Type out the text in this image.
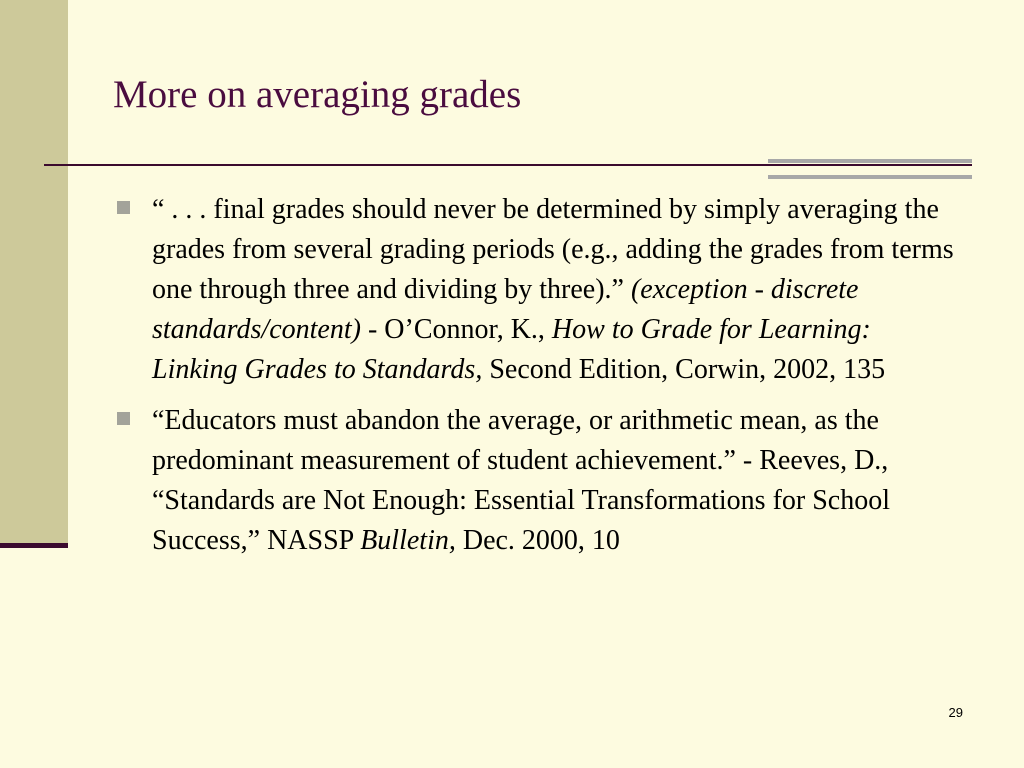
More on averaging grades
“ . . . final grades should never be determined by simply averaging the grades from several grading periods (e.g., adding the grades from terms one through three and dividing by three).” (exception - discrete standards/content) - O’Connor, K., How to Grade for Learning: Linking Grades to Standards, Second Edition, Corwin, 2002, 135
“Educators must abandon the average, or arithmetic mean, as the predominant measurement of student achievement.” - Reeves, D., “Standards are Not Enough: Essential Transformations for School Success,” NASSP Bulletin, Dec. 2000, 10
29
